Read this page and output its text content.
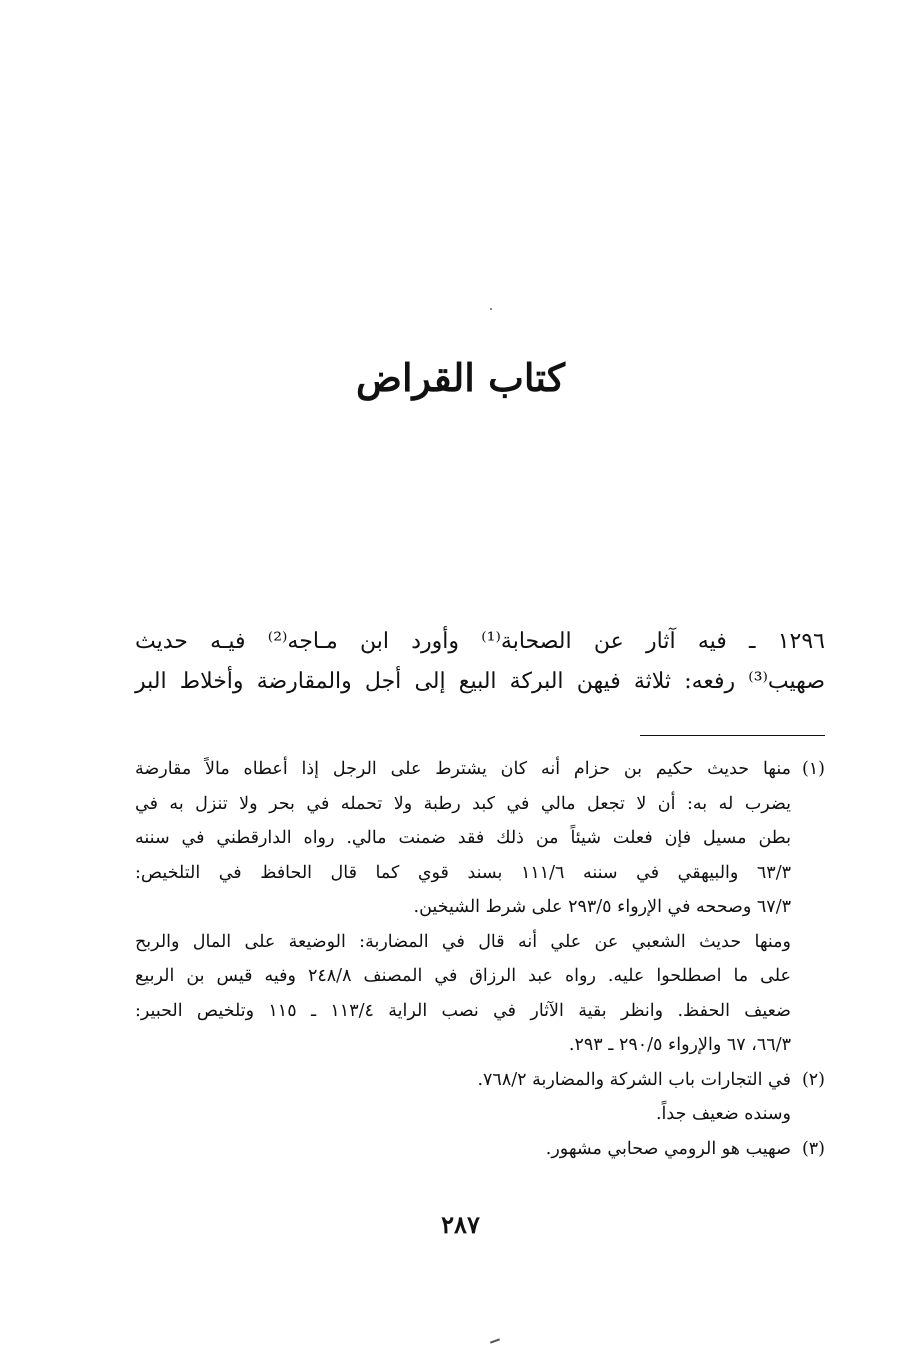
كتاب القراض
١٢٩٦ ـ فيه آثار عن الصحابة⁽¹⁾ وأورد ابن مـاجه⁽²⁾ فيـه حديث
صهيب⁽³⁾ رفعه: ثلاثة فيهن البركة البيع إلى أجل والمقارضة وأخلاط البر
(١)منها حديث حكيم بن حزام أنه كان يشترط على الرجل إذا أعطاه مالاً مقارضة
يضرب له به: أن لا تجعل مالي في كبد رطبة ولا تحمله في بحر ولا تنزل به في
بطن مسيل فإن فعلت شيئاً من ذلك فقد ضمنت مالي. رواه الدارقطني في سننه
٦٣/٣ والبيهقي في سننه ١١١/٦ بسند قوي كما قال الحافظ في التلخيص:
٦٧/٣ وصححه في الإرواء ٢٩٣/٥ على شرط الشيخين.
ومنها حديث الشعبي عن علي أنه قال في المضاربة: الوضيعة على المال والربح
على ما اصطلحوا عليه. رواه عبد الرزاق في المصنف ٢٤٨/٨ وفيه قيس بن الربيع
ضعيف الحفظ. وانظر بقية الآثار في نصب الراية ١١٣/٤ ـ ١١٥ وتلخيص الحبير:
٦٦/٣، ٦٧ والإرواء ٢٩٠/٥ ـ ٢٩٣.
(٢)في التجارات باب الشركة والمضاربة ٧٦٨/٢.
وسنده ضعيف جداً.
(٣)صهيب هو الرومي صحابي مشهور.
٢٨٧
